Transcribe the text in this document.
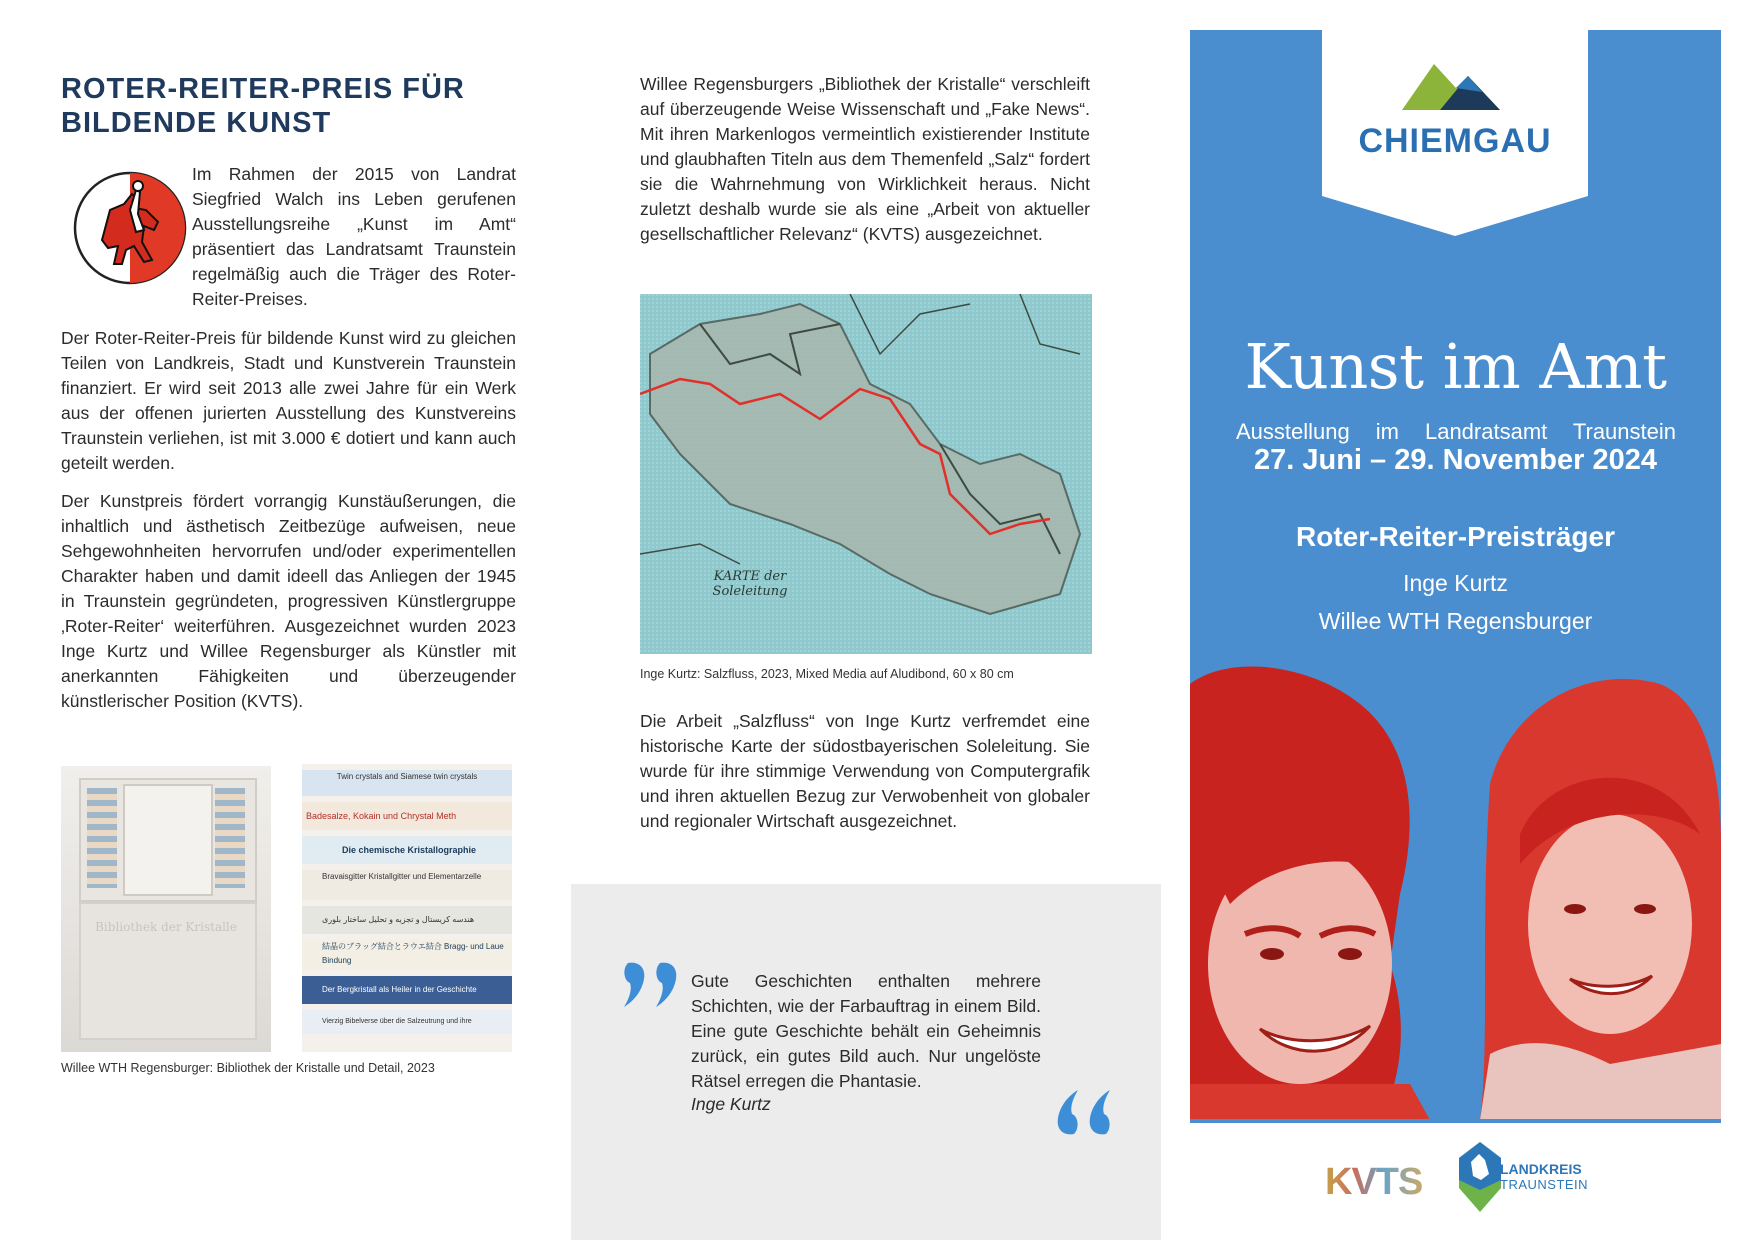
ROTER-REITER-PREIS FÜR
BILDENDE KUNST

Im Rahmen der 2015 von Landrat Siegfried Walch ins Leben gerufenen Ausstellungsreihe „Kunst im Amt“ präsentiert das Landratsamt Traunstein regelmäßig auch die Träger des Roter- Reiter-Preises.

Der Roter-Reiter-Preis für bildende Kunst wird zu gleichen Teilen von Landkreis, Stadt und Kunstverein Traunstein finanziert. Er wird seit 2013 alle zwei Jahre für ein Werk aus der offenen jurierten Ausstellung des Kunstvereins Traunstein verliehen, ist mit 3.000 € dotiert und kann auch geteilt werden.

Der Kunstpreis fördert vorrangig Kunstäußerungen, die inhaltlich und ästhetisch Zeitbezüge aufweisen, neue Sehgewohnheiten hervorrufen und/oder experimentellen Charakter haben und damit ideell das Anliegen der 1945 in Traunstein gegründeten, progressiven Künstlergruppe ‚Roter-Reiter‘ weiterführen. Ausgezeichnet wurden 2023 Inge Kurtz und Willee Regensburger als Künstler mit anerkannten Fähigkeiten und überzeugender künstlerischer Position (KVTS).

Bibliothek der Kristalle
Twin crystals and Siamese twin crystals
Badesalze, Kokain und Chrystal Meth
Die chemische Kristallographie
Bravaisgitter Kristallgitter und Elementarzelle
هندسه کریستال و تجزیه و تحلیل ساختار بلوری
結晶のブラッグ結合とラウエ結合 Bragg- und Laue Bindung
Der Bergkristall als Heiler in der Geschichte
Vierzig Bibelverse über die Salzeutrung und ihre
Willee WTH Regensburger: Bibliothek der Kristalle und Detail, 2023

Willee Regensburgers „Bibliothek der Kristalle“ verschleift auf überzeugende Weise Wissenschaft und „Fake News“. Mit ihren Markenlogos vermeintlich existierender Institute und glaubhaften Titeln aus dem Themenfeld „Salz“ fordert sie die Wahrnehmung von Wirklichkeit heraus. Nicht zuletzt deshalb wurde sie als eine „Arbeit von aktueller gesellschaftlicher Relevanz“ (KVTS) ausgezeichnet.

KARTE der Soleleitung
Inge Kurtz: Salzfluss, 2023, Mixed Media auf Aludibond, 60 x 80 cm

Die Arbeit „Salzfluss“ von Inge Kurtz verfremdet eine historische Karte der südostbayerischen Soleleitung. Sie wurde für ihre stimmige Verwendung von Computergrafik und ihren aktuellen Bezug zur Verwobenheit von globaler und regionaler Wirtschaft ausgezeichnet.

Gute Geschichten enthalten mehrere Schichten, wie der Farbauftrag in einem Bild. Eine gute Geschichte behält ein Geheimnis zurück, ein gutes Bild auch. Nur ungelöste Rätsel erregen die Phantasie.

Inge Kurtz
CHIEMGAU
Kunst im Amt
Ausstellung im Landratsamt Traunstein
27. Juni – 29. November 2024
Roter-Reiter-Preisträger
Inge Kurtz
Willee WTH Regensburger
KVTS	LANDKREIS
TRAUNSTEIN
